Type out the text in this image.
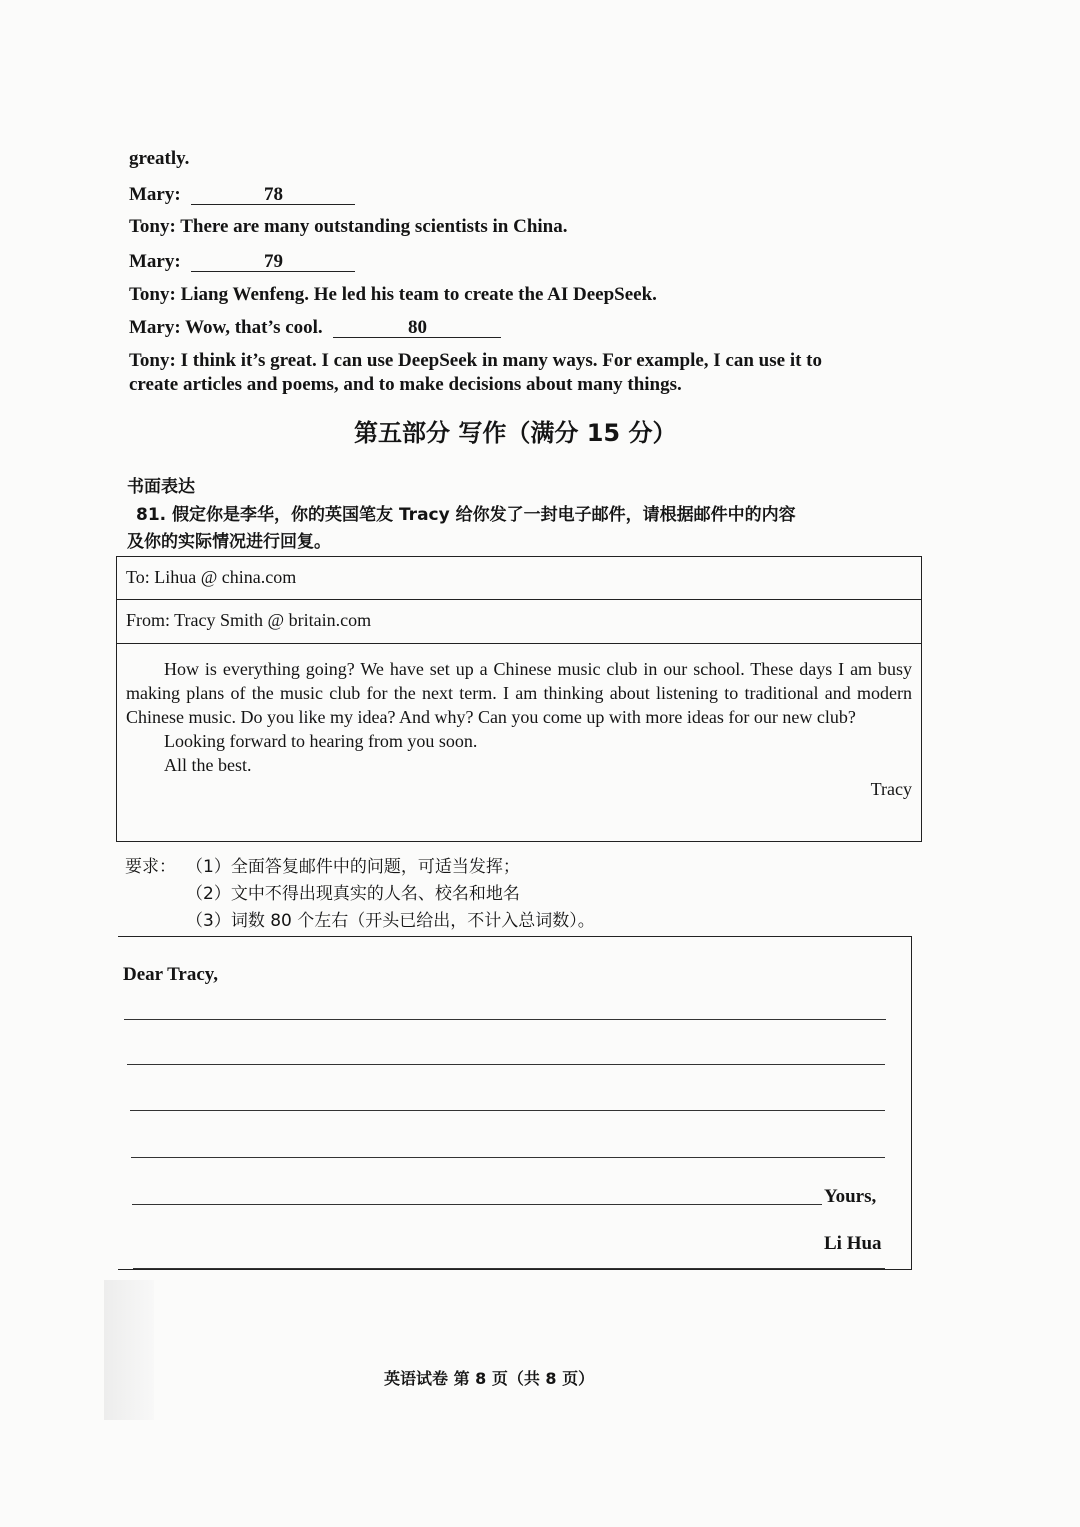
greatly.
Mary:	78
Tony: There are many outstanding scientists in China.
Mary:	79
Tony: Liang Wenfeng. He led his team to create the AI DeepSeek.
Mary: Wow, that’s cool.	80
Tony: I think it’s great. I can use DeepSeek in many ways. For example, I can use it to
create articles and poems, and to make decisions about many things.
第五部分 写作（满分 15 分）
书面表达
81. 假定你是李华，你的英国笔友 Tracy 给你发了一封电子邮件，请根据邮件中的内容
及你的实际情况进行回复。
To: Lihua @ china.com
From: Tracy Smith @ britain.com

How is everything going? We have set up a Chinese music club in our school. These days I am busy making plans of the music club for the next term. I am thinking about listening to traditional and modern Chinese music. Do you like my idea? And why? Can you come up with more ideas for our new club?

Looking forward to hearing from you soon.

All the best.

Tracy

要求： （1）全面答复邮件中的问题，可适当发挥；
（2）文中不得出现真实的人名、校名和地名
（3）词数 80 个左右（开头已给出，不计入总词数）。
Dear Tracy,
Yours,
Li Hua
英语试卷 第 8 页（共 8 页）
